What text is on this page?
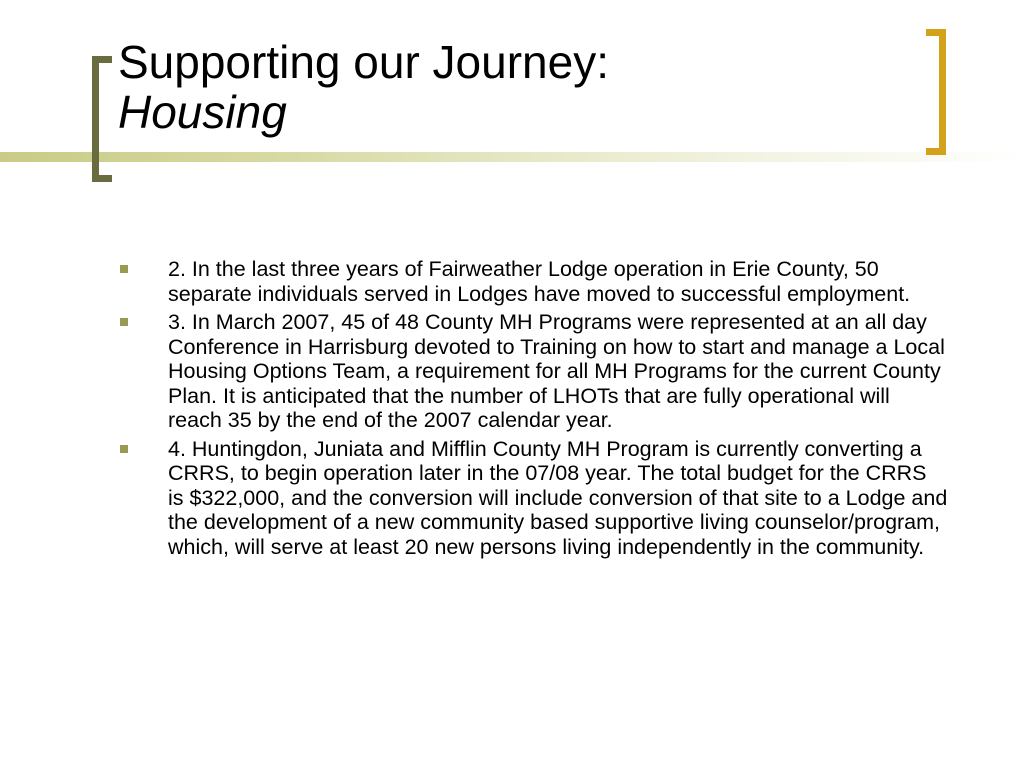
Supporting our Journey:
Housing
2. In the last three years of Fairweather Lodge operation in Erie County, 50 separate individuals served in Lodges have moved to successful employment.
3. In March 2007, 45 of 48 County MH Programs were represented at an all day Conference in Harrisburg devoted to Training on how to start and manage a Local Housing Options Team, a requirement for all MH Programs for the current County Plan. It is anticipated that the number of LHOTs that are fully operational will reach 35 by the end of the 2007 calendar year.
4. Huntingdon, Juniata and Mifflin County MH Program is currently converting a CRRS, to begin operation later in the 07/08 year. The total budget for the CRRS is $322,000, and the conversion will include conversion of that site to a Lodge and the development of a new community based supportive living counselor/program, which, will serve at least 20 new persons living independently in the community.
